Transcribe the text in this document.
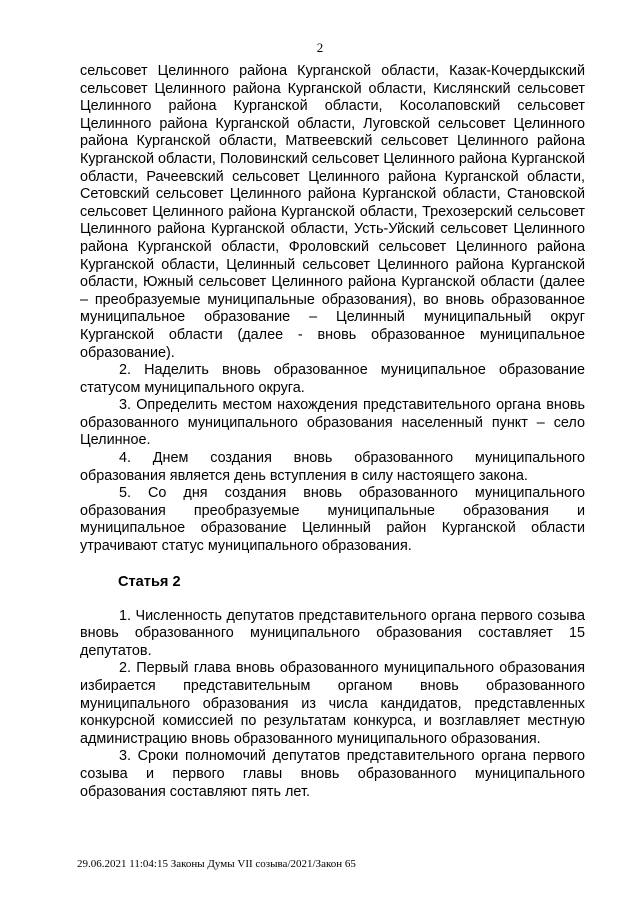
2

сельсовет Целинного района Курганской области, Казак-Кочердыкский сельсовет Целинного района Курганской области, Кислянский сельсовет Целинного района Курганской области, Косолаповский сельсовет Целинного района Курганской области, Луговской сельсовет Целинного района Курганской области, Матвеевский сельсовет Целинного района Курганской области, Половинский сельсовет Целинного района Курганской области, Рачеевский сельсовет Целинного района Курганской области, Сетовский сельсовет Целинного района Курганской области, Становской сельсовет Целинного района Курганской области, Трехозерский сельсовет Целинного района Курганской области, Усть-Уйский сельсовет Целинного района Курганской области, Фроловский сельсовет Целинного района Курганской области, Целинный сельсовет Целинного района Курганской области, Южный сельсовет Целинного района Курганской области (далее – преобразуемые муниципальные образования), во вновь образованное муниципальное образование – Целинный муниципальный округ Курганской области (далее - вновь образованное муниципальное образование).

2. Наделить вновь образованное муниципальное образование статусом муниципального округа.

3. Определить местом нахождения представительного органа вновь образованного муниципального образования населенный пункт – село Целинное.

4. Днем создания вновь образованного муниципального образования является день вступления в силу настоящего закона.

5. Со дня создания вновь образованного муниципального образования преобразуемые муниципальные образования и муниципальное образование Целинный район Курганской области утрачивают статус муниципального образования.

Статья 2

1. Численность депутатов представительного органа первого созыва вновь образованного муниципального образования составляет 15 депутатов.

2. Первый глава вновь образованного муниципального образования избирается представительным органом вновь образованного муниципального образования из числа кандидатов, представленных конкурсной комиссией по результатам конкурса, и возглавляет местную администрацию вновь образованного муниципального образования.

3. Сроки полномочий депутатов представительного органа первого созыва и первого главы вновь образованного муниципального образования составляют пять лет.

29.06.2021 11:04:15 Законы Думы VII созыва/2021/Закон 65
